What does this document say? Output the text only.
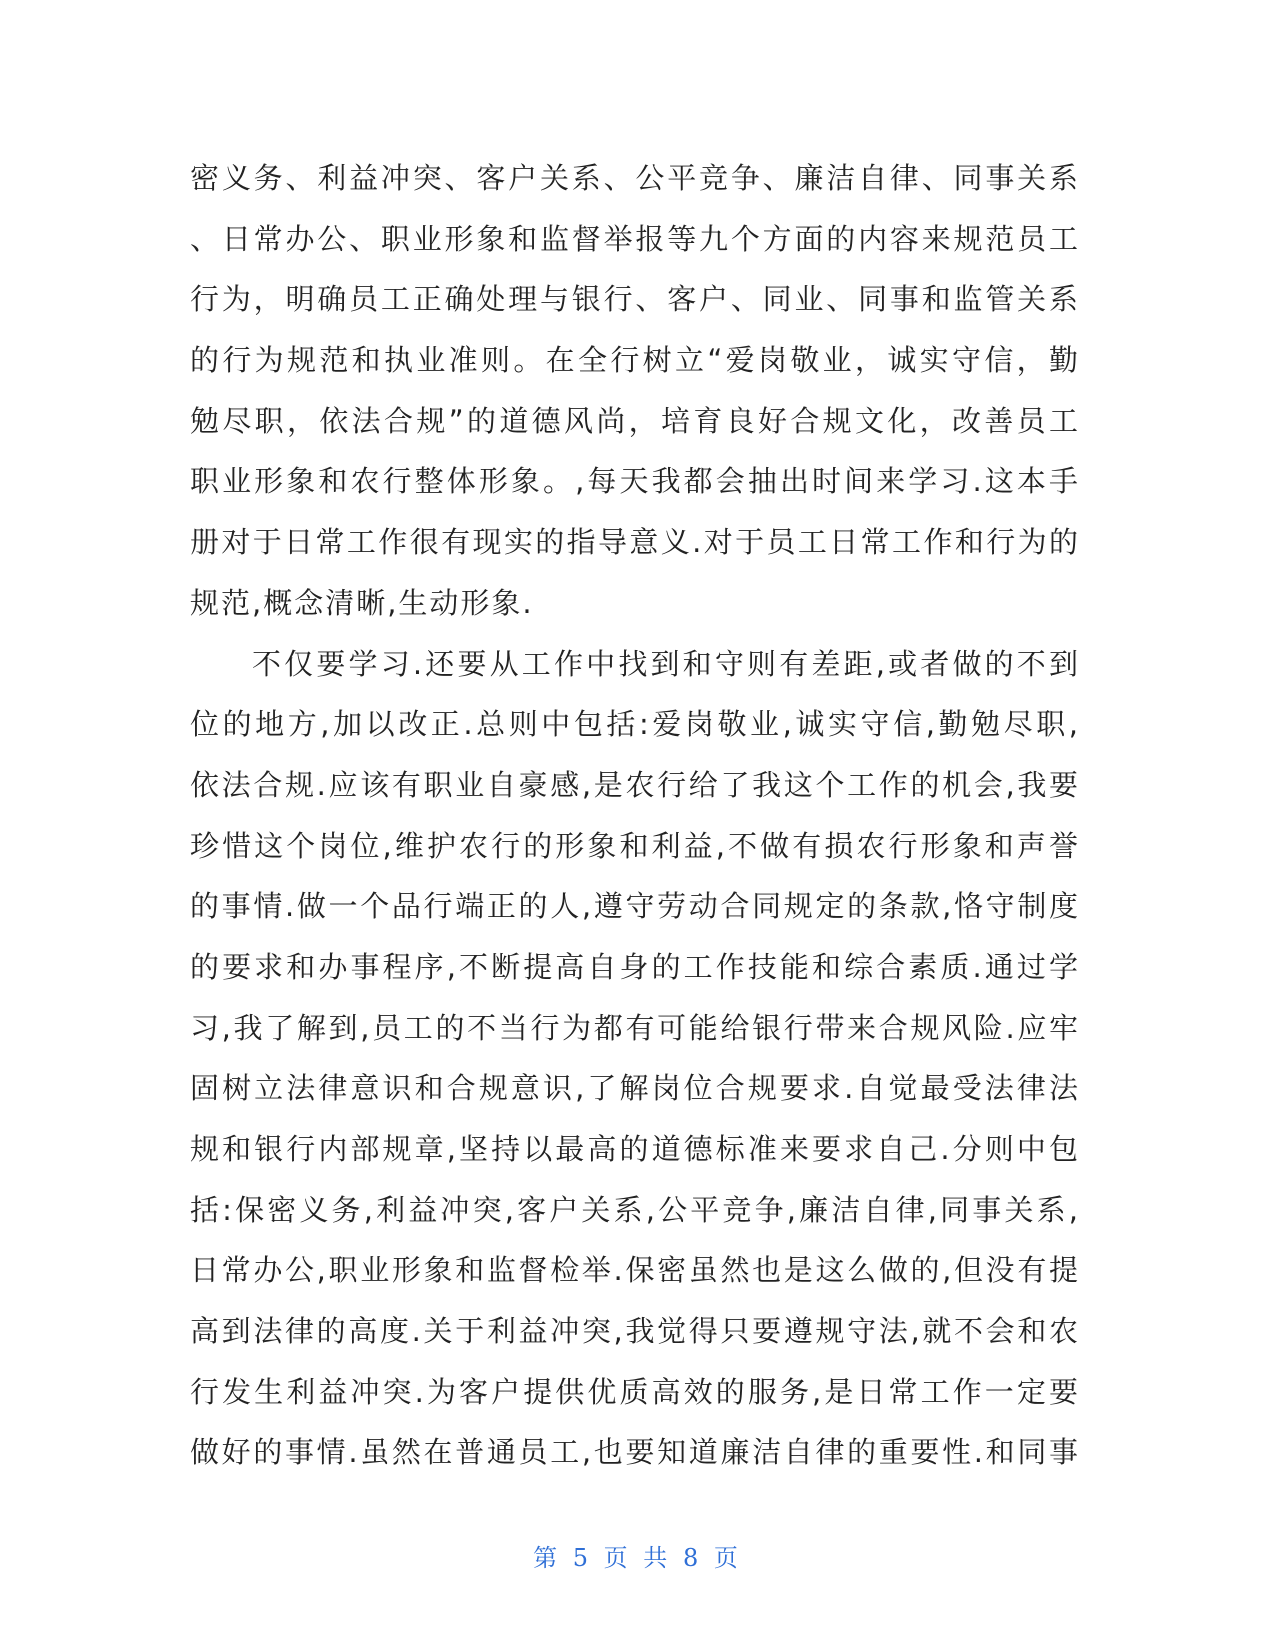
密义务、利益冲突、客户关系、公平竞争、廉洁自律、同事关系
、日常办公、职业形象和监督举报等九个方面的内容来规范员工
行为，明确员工正确处理与银行、客户、同业、同事和监管关系
的行为规范和执业准则。在全行树立“爱岗敬业，诚实守信，勤
勉尽职，依法合规”的道德风尚，培育良好合规文化，改善员工
职业形象和农行整体形象。,每天我都会抽出时间来学习.这本手
册对于日常工作很有现实的指导意义.对于员工日常工作和行为的
规范,概念清晰,生动形象.
不仅要学习.还要从工作中找到和守则有差距,或者做的不到
位的地方,加以改正.总则中包括:爱岗敬业,诚实守信,勤勉尽职,
依法合规.应该有职业自豪感,是农行给了我这个工作的机会,我要
珍惜这个岗位,维护农行的形象和利益,不做有损农行形象和声誉
的事情.做一个品行端正的人,遵守劳动合同规定的条款,恪守制度
的要求和办事程序,不断提高自身的工作技能和综合素质.通过学
习,我了解到,员工的不当行为都有可能给银行带来合规风险.应牢
固树立法律意识和合规意识,了解岗位合规要求.自觉最受法律法
规和银行内部规章,坚持以最高的道德标准来要求自己.分则中包
括:保密义务,利益冲突,客户关系,公平竞争,廉洁自律,同事关系,
日常办公,职业形象和监督检举.保密虽然也是这么做的,但没有提
高到法律的高度.关于利益冲突,我觉得只要遵规守法,就不会和农
行发生利益冲突.为客户提供优质高效的服务,是日常工作一定要
做好的事情.虽然在普通员工,也要知道廉洁自律的重要性.和同事
第 5 页 共 8 页
